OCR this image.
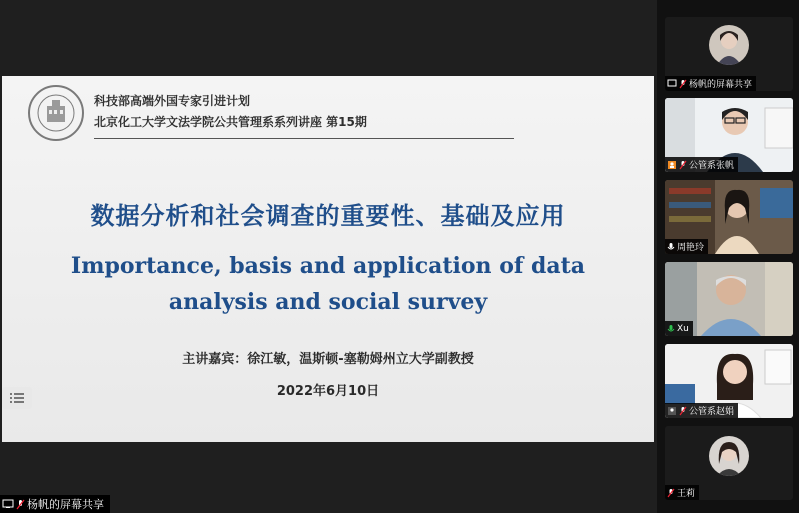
科技部高端外国专家引进计划
北京化工大学文法学院公共管理系系列讲座 第15期
数据分析和社会调查的重要性、基础及应用
Importance, basis and application of data
analysis and social survey
主讲嘉宾：徐江敏，温斯顿-塞勒姆州立大学副教授
2022年6月10日
杨帆的屏幕共享
杨帆的屏幕共享
公管系张帆
周艳玲
Xu
公管系赵娟
王莉
